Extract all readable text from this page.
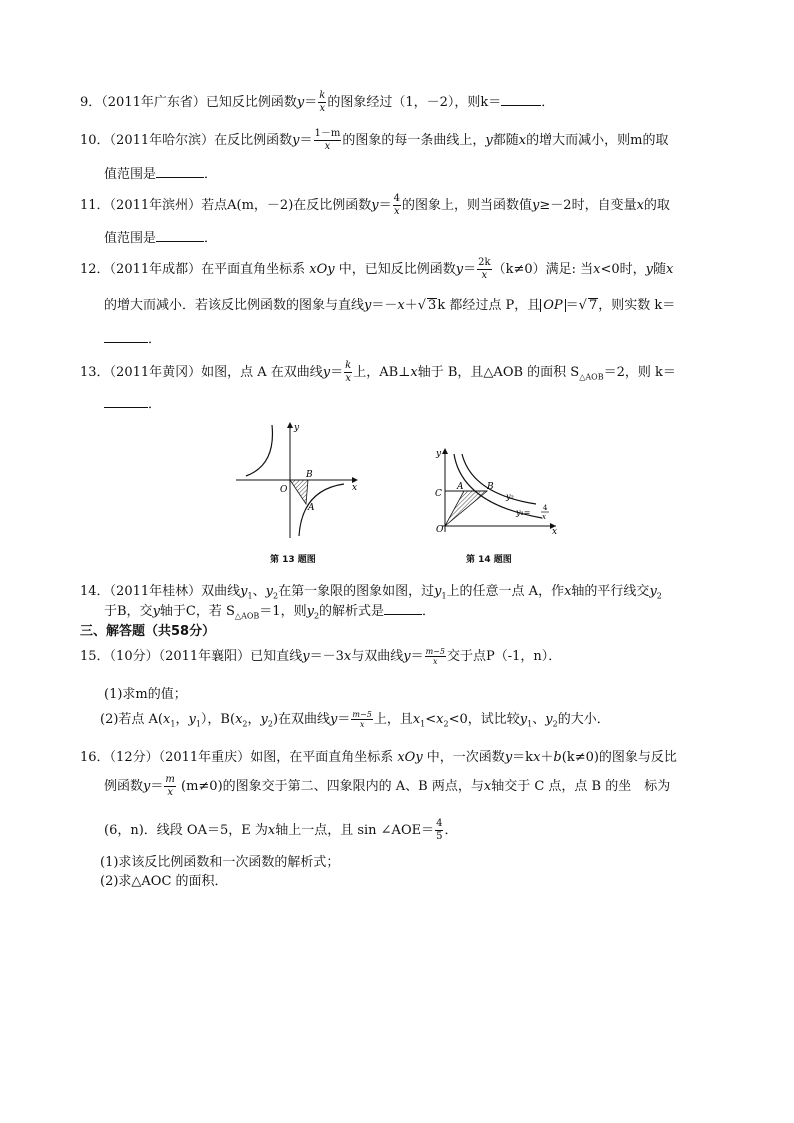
9．（2011年广东省）已知反比例函数$y= \frac{k}{x}$ 的图象经过（1，－2），则k＝	．
10．（2011年哈尔滨）在反比例函数$y= \frac{1-m}{x}$ 的图象的每一条曲线上，y都随x的增大而减小，则m的取
值范围是	．
11．（2011年滨州）若点A(m，－2)在反比例函数$y= \frac{4}{x}$ 的图象上，则当函数值y≥－2时，自变量x的取
值范围是	．
12．（2011年成都）在平面直角坐标系 xOy 中，已知反比例函数$y= \frac{2k}{x} (k\ne 0)$满足: 当x<0时，y随x
的增大而减小．若该反比例函数的图象与直线y＝－x＋√ 3k 都经过点 P，且 OP ＝√ 7，则实数 k＝
．
13．（2011年黄冈）如图，点 A 在双曲线$y= \frac{k}{x}$ 上，AB⊥x轴于 B，且△AOB 的面积 $S_{\triangle AOB}=2$，则 k＝
．
y
x
O
B
A
第 13 题图
y
x
O
C
A	B
y₂
y₁= 4
x
第 14 题图
14．（2011年桂林）双曲线$y_1$、$y_2$在第一象限的图象如图，过$y_1$上的任意一点 A，作x轴的平行线交$y_2$
于B，交y轴于C，若 $S_{\triangle AOB}=1$，则$y_2$的解析式是	．
三、解答题（共58分）
15．（10分）（2011年襄阳）已知直线y＝－3x与双曲线$y= \frac{m-5}{x}$ 交于点P（-1，n）．
(1)求m的值；
(2)若点 $A(x_1$，$y_1$），$B(x_2$，$y_2$)在双曲线$y= \frac{m-5}{x}$ 上，且$x_1<x_2<0$，试比较$y_1$、$y_2$的大小．
16．（12分）（2011年重庆）如图，在平面直角坐标系 xOy 中，一次函数y＝kx＋b(k≠0)的图象与反比
例函数$y= \frac{m}{x} (m\ne 0)$的图象交于第二、四象限内的 A、B 两点，与x轴交于 C 点，点 B 的坐　标为
(6，n)．线段 OA＝5，E 为x轴上一点，且 sin ∠AOE＝ $\frac{4}{5}$ ．
(1)求该反比例函数和一次函数的解析式；
(2)求△AOC 的面积．
